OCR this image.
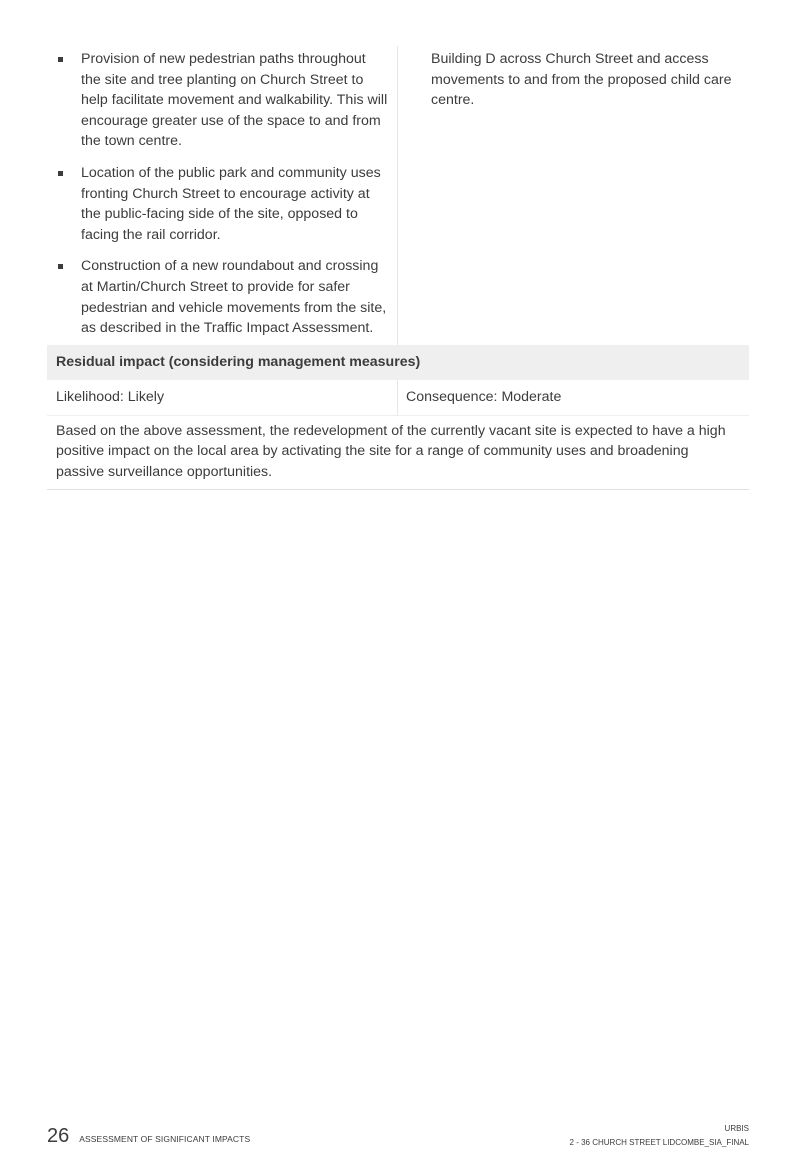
Provision of new pedestrian paths throughout the site and tree planting on Church Street to help facilitate movement and walkability. This will encourage greater use of the space to and from the town centre.
Location of the public park and community uses fronting Church Street to encourage activity at the public-facing side of the site, opposed to facing the rail corridor.
Construction of a new roundabout and crossing at Martin/Church Street to provide for safer pedestrian and vehicle movements from the site, as described in the Traffic Impact Assessment.
Building D across Church Street and access movements to and from the proposed child care centre.
Residual impact (considering management measures)
Likelihood: Likely	Consequence: Moderate
Based on the above assessment, the redevelopment of the currently vacant site is expected to have a high positive impact on the local area by activating the site for a range of community uses and broadening passive surveillance opportunities.
26 ASSESSMENT OF SIGNIFICANT IMPACTS
URBIS
2 - 36 CHURCH STREET LIDCOMBE_SIA_FINAL
